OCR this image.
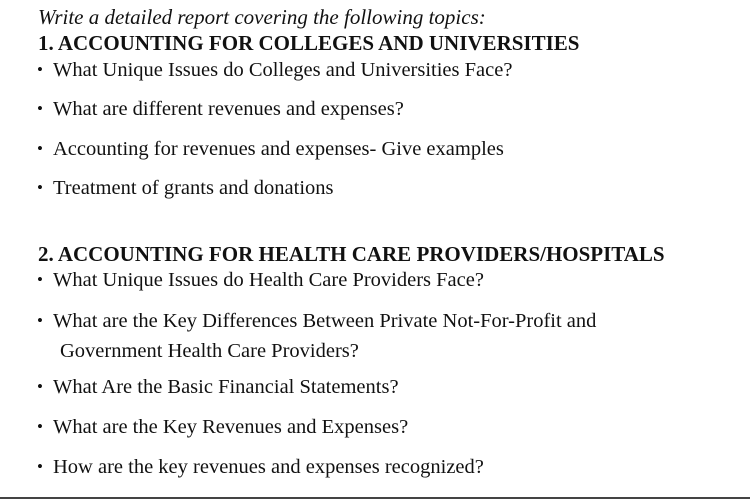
Write a detailed report covering the following topics:
1. ACCOUNTING FOR COLLEGES AND UNIVERSITIES
• What Unique Issues do Colleges and Universities Face?
• What are different revenues and expenses?
• Accounting for revenues and expenses- Give examples
• Treatment of grants and donations
2. ACCOUNTING FOR HEALTH CARE PROVIDERS/HOSPITALS
• What Unique Issues do Health Care Providers Face?
• What are the Key Differences Between Private Not-For-Profit and
Government Health Care Providers?
• What Are the Basic Financial Statements?
• What are the Key Revenues and Expenses?
• How are the key revenues and expenses recognized?
